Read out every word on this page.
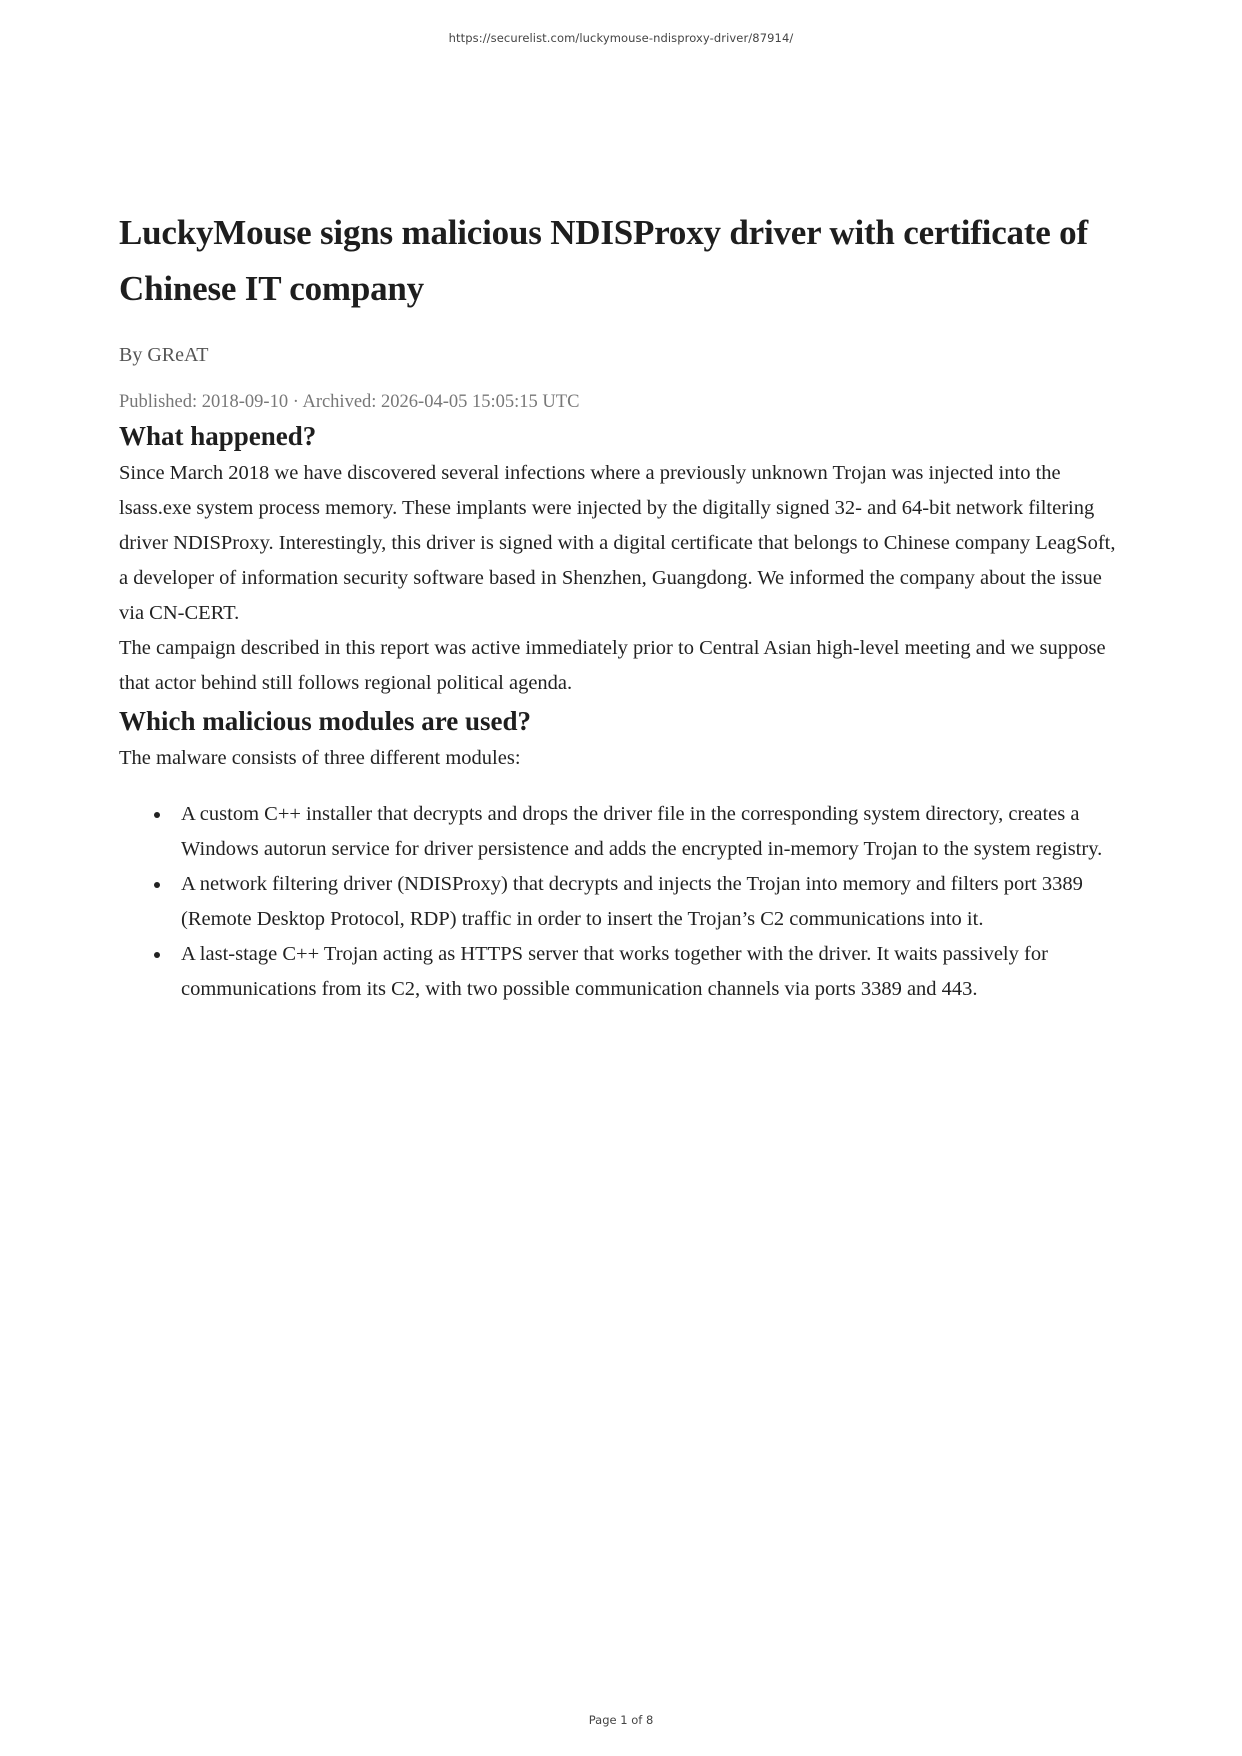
https://securelist.com/luckymouse-ndisproxy-driver/87914/
LuckyMouse signs malicious NDISProxy driver with certificate of Chinese IT company
By GReAT
Published: 2018-09-10 · Archived: 2026-04-05 15:05:15 UTC
What happened?

Since March 2018 we have discovered several infections where a previously unknown Trojan was injected into the lsass.exe system process memory. These implants were injected by the digitally signed 32- and 64-bit network filtering driver NDISProxy. Interestingly, this driver is signed with a digital certificate that belongs to Chinese company LeagSoft, a developer of information security software based in Shenzhen, Guangdong. We informed the company about the issue via CN-CERT.

The campaign described in this report was active immediately prior to Central Asian high-level meeting and we suppose that actor behind still follows regional political agenda.

Which malicious modules are used?

The malware consists of three different modules:

A custom C++ installer that decrypts and drops the driver file in the corresponding system directory, creates a Windows autorun service for driver persistence and adds the encrypted in-memory Trojan to the system registry.
A network filtering driver (NDISProxy) that decrypts and injects the Trojan into memory and filters port 3389 (Remote Desktop Protocol, RDP) traffic in order to insert the Trojan’s C2 communications into it.
A last-stage C++ Trojan acting as HTTPS server that works together with the driver. It waits passively for communications from its C2, with two possible communication channels via ports 3389 and 443.
Page 1 of 8
